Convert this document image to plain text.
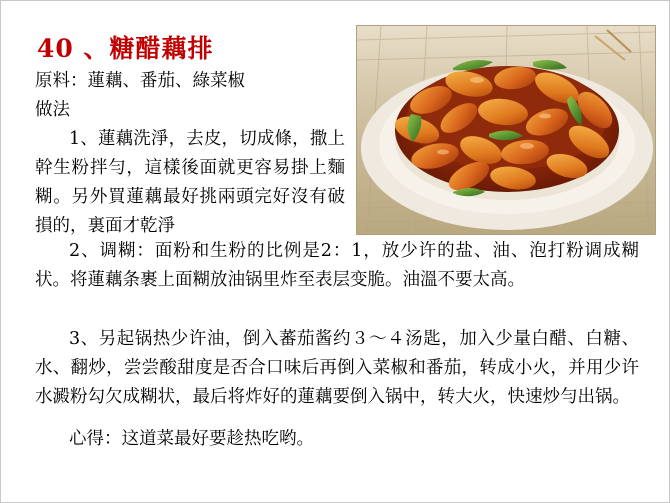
40 、糖醋藕排
原料：蓮藕、番茄、綠菜椒
做法
1、蓮藕洗淨，去皮，切成條，撒上幹生粉拌勻，這樣後面就更容易掛上麵糊。另外買蓮藕最好挑兩頭完好沒有破損的，裏面才乾淨
2、调糊：面粉和生粉的比例是2：1，放少许的盐、油、泡打粉调成糊状。将蓮藕条裹上面糊放油锅里炸至表层变脆。油溫不要太高。
3、另起锅热少许油，倒入蕃茄酱约３～４汤匙，加入少量白醋、白糖、水、翻炒，尝尝酸甜度是否合口味后再倒入菜椒和番茄，转成小火，并用少许水澱粉勾欠成糊状，最后将炸好的蓮藕要倒入锅中，转大火，快速炒勻出锅。
心得：这道菜最好要趁热吃哟。
